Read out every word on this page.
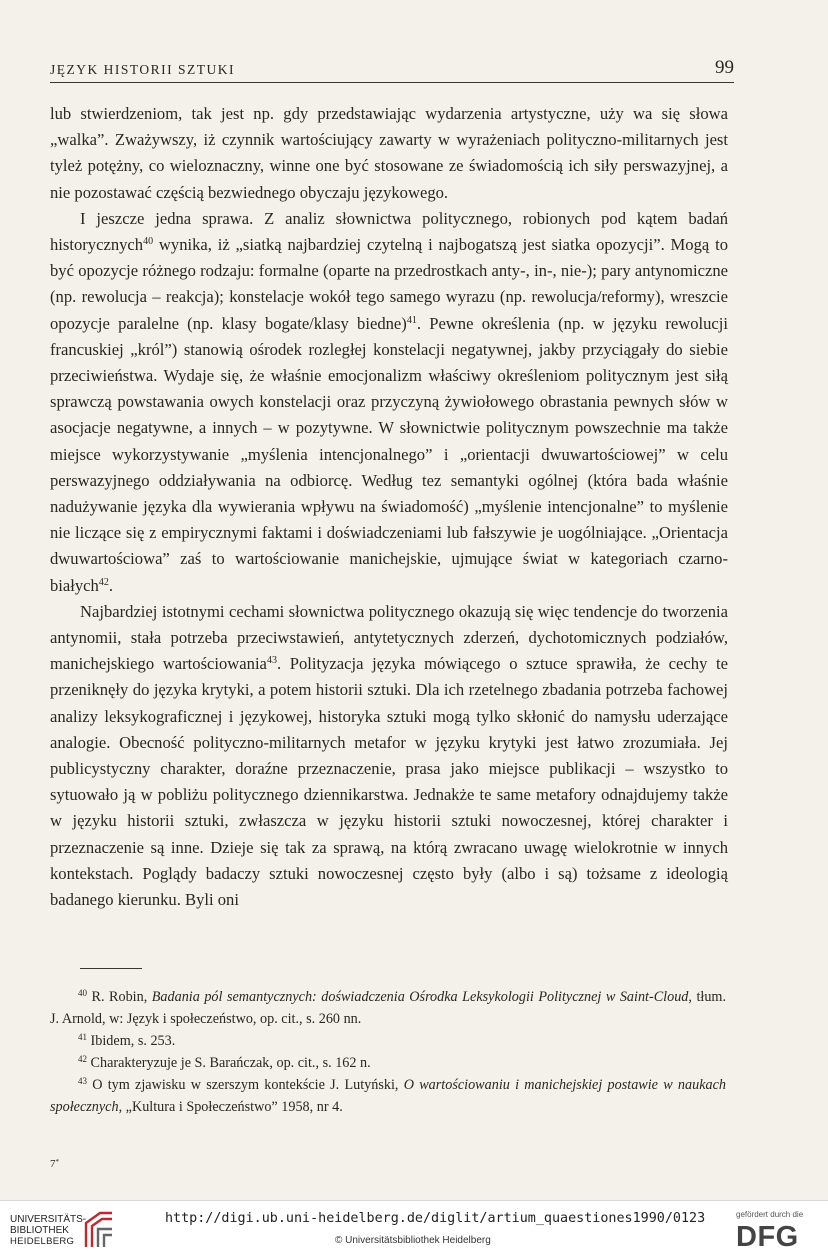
JĘZYK HISTORII SZTUKI	99

lub stwierdzeniom, tak jest np. gdy przedstawiając wydarzenia artystyczne, uży wa się słowa „walka”. Zważywszy, iż czynnik wartościujący zawarty w wyrażeniach polityczno-militarnych jest tyleż potężny, co wieloznaczny, winne one być stosowane ze świadomością ich siły perswazyjnej, a nie pozostawać częścią bezwiednego obyczaju językowego.

I jeszcze jedna sprawa. Z analiz słownictwa politycznego, robionych pod kątem badań historycznych$^{40}$ wynika, iż „siatką najbardziej czytelną i najbogatszą jest siatka opozycji”. Mogą to być opozycje różnego rodzaju: formalne (oparte na przedrostkach anty-, in-, nie-); pary antynomiczne (np. rewolucja – reakcja); konstelacje wokół tego samego wyrazu (np. rewolucja/reformy), wreszcie opozycje paralelne (np. klasy bogate/klasy biedne)$^{41}$. Pewne określenia (np. w języku rewolucji francuskiej „król”) stanowią ośrodek rozległej konstelacji negatywnej, jakby przyciągały do siebie przeciwieństwa. Wydaje się, że właśnie emocjonalizm właściwy określeniom politycznym jest siłą sprawczą powstawania owych konstelacji oraz przyczyną żywiołowego obrastania pewnych słów w asocjacje negatywne, a innych – w pozytywne. W słownictwie politycznym powszechnie ma także miejsce wykorzystywanie „myślenia intencjonalnego” i „orientacji dwuwartościowej” w celu perswazyjnego oddziaływania na odbiorcę. Według tez semantyki ogólnej (która bada właśnie nadużywanie języka dla wywierania wpływu na świadomość) „myślenie intencjonalne” to myślenie nie liczące się z empirycznymi faktami i doświadczeniami lub fałszywie je uogólniające. „Orientacja dwuwartościowa” zaś to wartościowanie manichejskie, ujmujące świat w kategoriach czarno-białych$^{42}$.

Najbardziej istotnymi cechami słownictwa politycznego okazują się więc tendencje do tworzenia antynomii, stała potrzeba przeciwstawień, antytetycznych zderzeń, dychotomicznych podziałów, manichejskiego wartościowania$^{43}$. Polityzacja języka mówiącego o sztuce sprawiła, że cechy te przeniknęły do języka krytyki, a potem historii sztuki. Dla ich rzetelnego zbadania potrzeba fachowej analizy leksykograficznej i językowej, historyka sztuki mogą tylko skłonić do namysłu uderzające analogie. Obecność polityczno-militarnych metafor w języku krytyki jest łatwo zrozumiała. Jej publicystyczny charakter, doraźne przeznaczenie, prasa jako miejsce publikacji – wszystko to sytuowało ją w pobliżu politycznego dziennikarstwa. Jednakże te same metafory odnajdujemy także w języku historii sztuki, zwłaszcza w języku historii sztuki nowoczesnej, której charakter i przeznaczenie są inne. Dzieje się tak za sprawą, na którą zwracano uwagę wielokrotnie w innych kontekstach. Poglądy badaczy sztuki nowoczesnej często były (albo i są) tożsame z ideologią badanego kierunku. Byli oni

$^{40}$ R. Robin, Badania pól semantycznych: doświadczenia Ośrodka Leksykologii Politycznej w Saint-Cloud, tłum. J. Arnold, w: Język i społeczeństwo, op. cit., s. 260 nn.

$^{41}$ Ibidem, s. 253.

$^{42}$ Charakteryzuje je S. Barańczak, op. cit., s. 162 n.

$^{43}$ O tym zjawisku w szerszym kontekście J. Lutyński, O wartościowaniu i manichejskiej postawie w naukach społecznych, „Kultura i Społeczeństwo” 1958, nr 4.

7*
UNIVERSITÄTS-
BIBLIOTHEK
HEIDELBERG
http://digi.ub.uni-heidelberg.de/diglit/artium_quaestiones1990/0123
© Universitätsbibliothek Heidelberg
gefördert durch die
DFG
